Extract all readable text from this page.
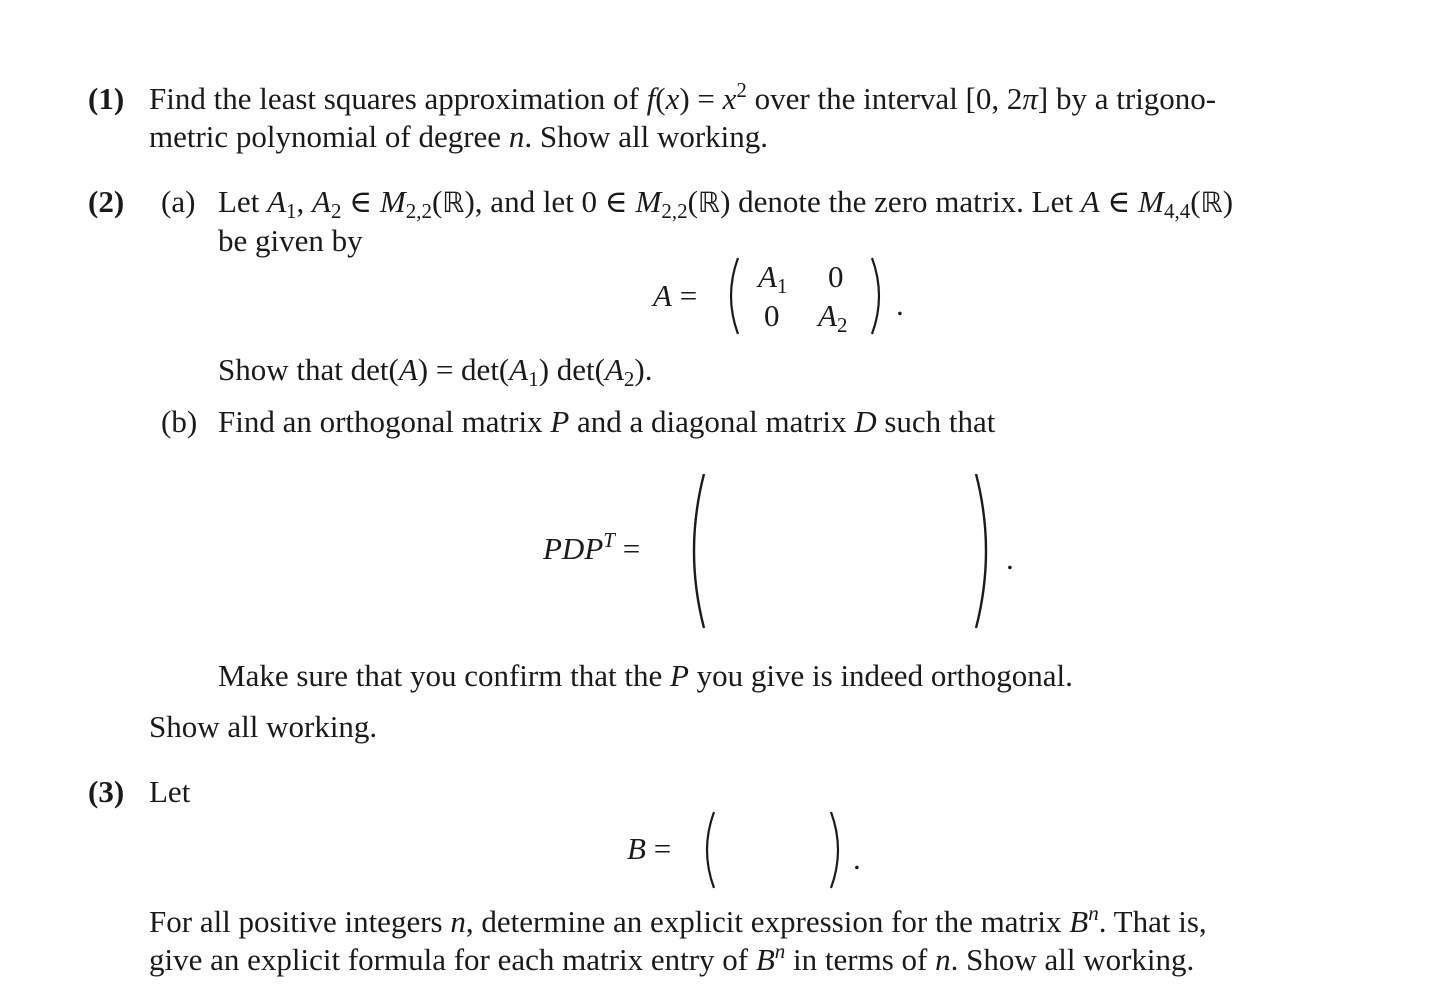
(1) Find the least squares approximation of $f(x) = x^2$ over the interval [0, 2π] by a trigono-
metric polynomial of degree n. Show all working.
(2) (a) Let $A_1$, $A_2$ ∈ $M_{2,2}(ℝ)$, and let 0 ∈ $M_{2,2}(ℝ)$ denote the zero matrix. Let A ∈ $M_{4,4}(ℝ)$
be given by
A =
$A_1$ 0
0 $A_2$
.
Show that $\det(A) = \det(A_1)$ $\det(A_2)$.
(b) Find an orthogonal matrix P and a diagonal matrix D such that
$PDP^T$ =	.
Make sure that you confirm that the P you give is indeed orthogonal.
Show all working.
(3) Let
B =	.
For all positive integers n, determine an explicit expression for the matrix $B^n$. That is,
give an explicit formula for each matrix entry of $B^n$ in terms of n. Show all working.
